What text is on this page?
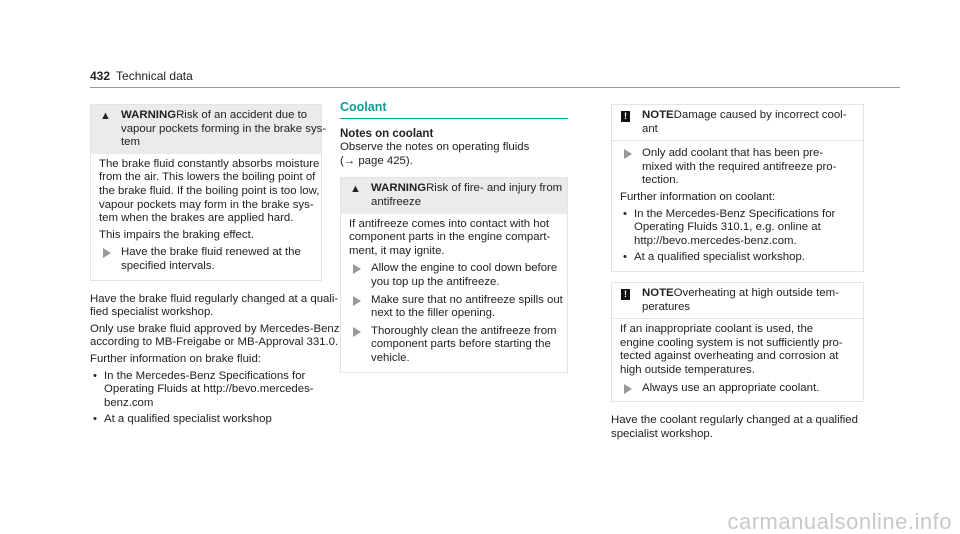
432 Technical data
▲ WARNINGRisk of an accident due to
vapour pockets forming in the brake sys-
tem
The brake fluid constantly absorbs moisture
from the air. This lowers the boiling point of
the brake fluid. If the boiling point is too low,
vapour pockets may form in the brake sys-
tem when the brakes are applied hard.
This impairs the braking effect.
Have the brake fluid renewed at the
specified intervals.
Have the brake fluid regularly changed at a quali-
fied specialist workshop.
Only use brake fluid approved by Mercedes-Benz
according to MB-Freigabe or MB-Approval 331.0.
Further information on brake fluid:
• In the Mercedes-Benz Specifications for
Operating Fluids at http://bevo.mercedes-
benz.com
• At a qualified specialist workshop
Coolant
Notes on coolant
Observe the notes on operating fluids
(→ page 425).
▲ WARNINGRisk of fire- and injury from
antifreeze
If antifreeze comes into contact with hot
component parts in the engine compart-
ment, it may ignite.
Allow the engine to cool down before
you top up the antifreeze.
Make sure that no antifreeze spills out
next to the filler opening.
Thoroughly clean the antifreeze from
component parts before starting the
vehicle.
! NOTEDamage caused by incorrect cool-
ant
Only add coolant that has been pre-
mixed with the required antifreeze pro-
tection.
Further information on coolant:
• In the Mercedes-Benz Specifications for
Operating Fluids 310.1, e.g. online at
http://bevo.mercedes-benz.com.
• At a qualified specialist workshop.
! NOTEOverheating at high outside tem-
peratures
If an inappropriate coolant is used, the
engine cooling system is not sufficiently pro-
tected against overheating and corrosion at
high outside temperatures.
Always use an appropriate coolant.
Have the coolant regularly changed at a qualified
specialist workshop.
carmanualsonline.info
